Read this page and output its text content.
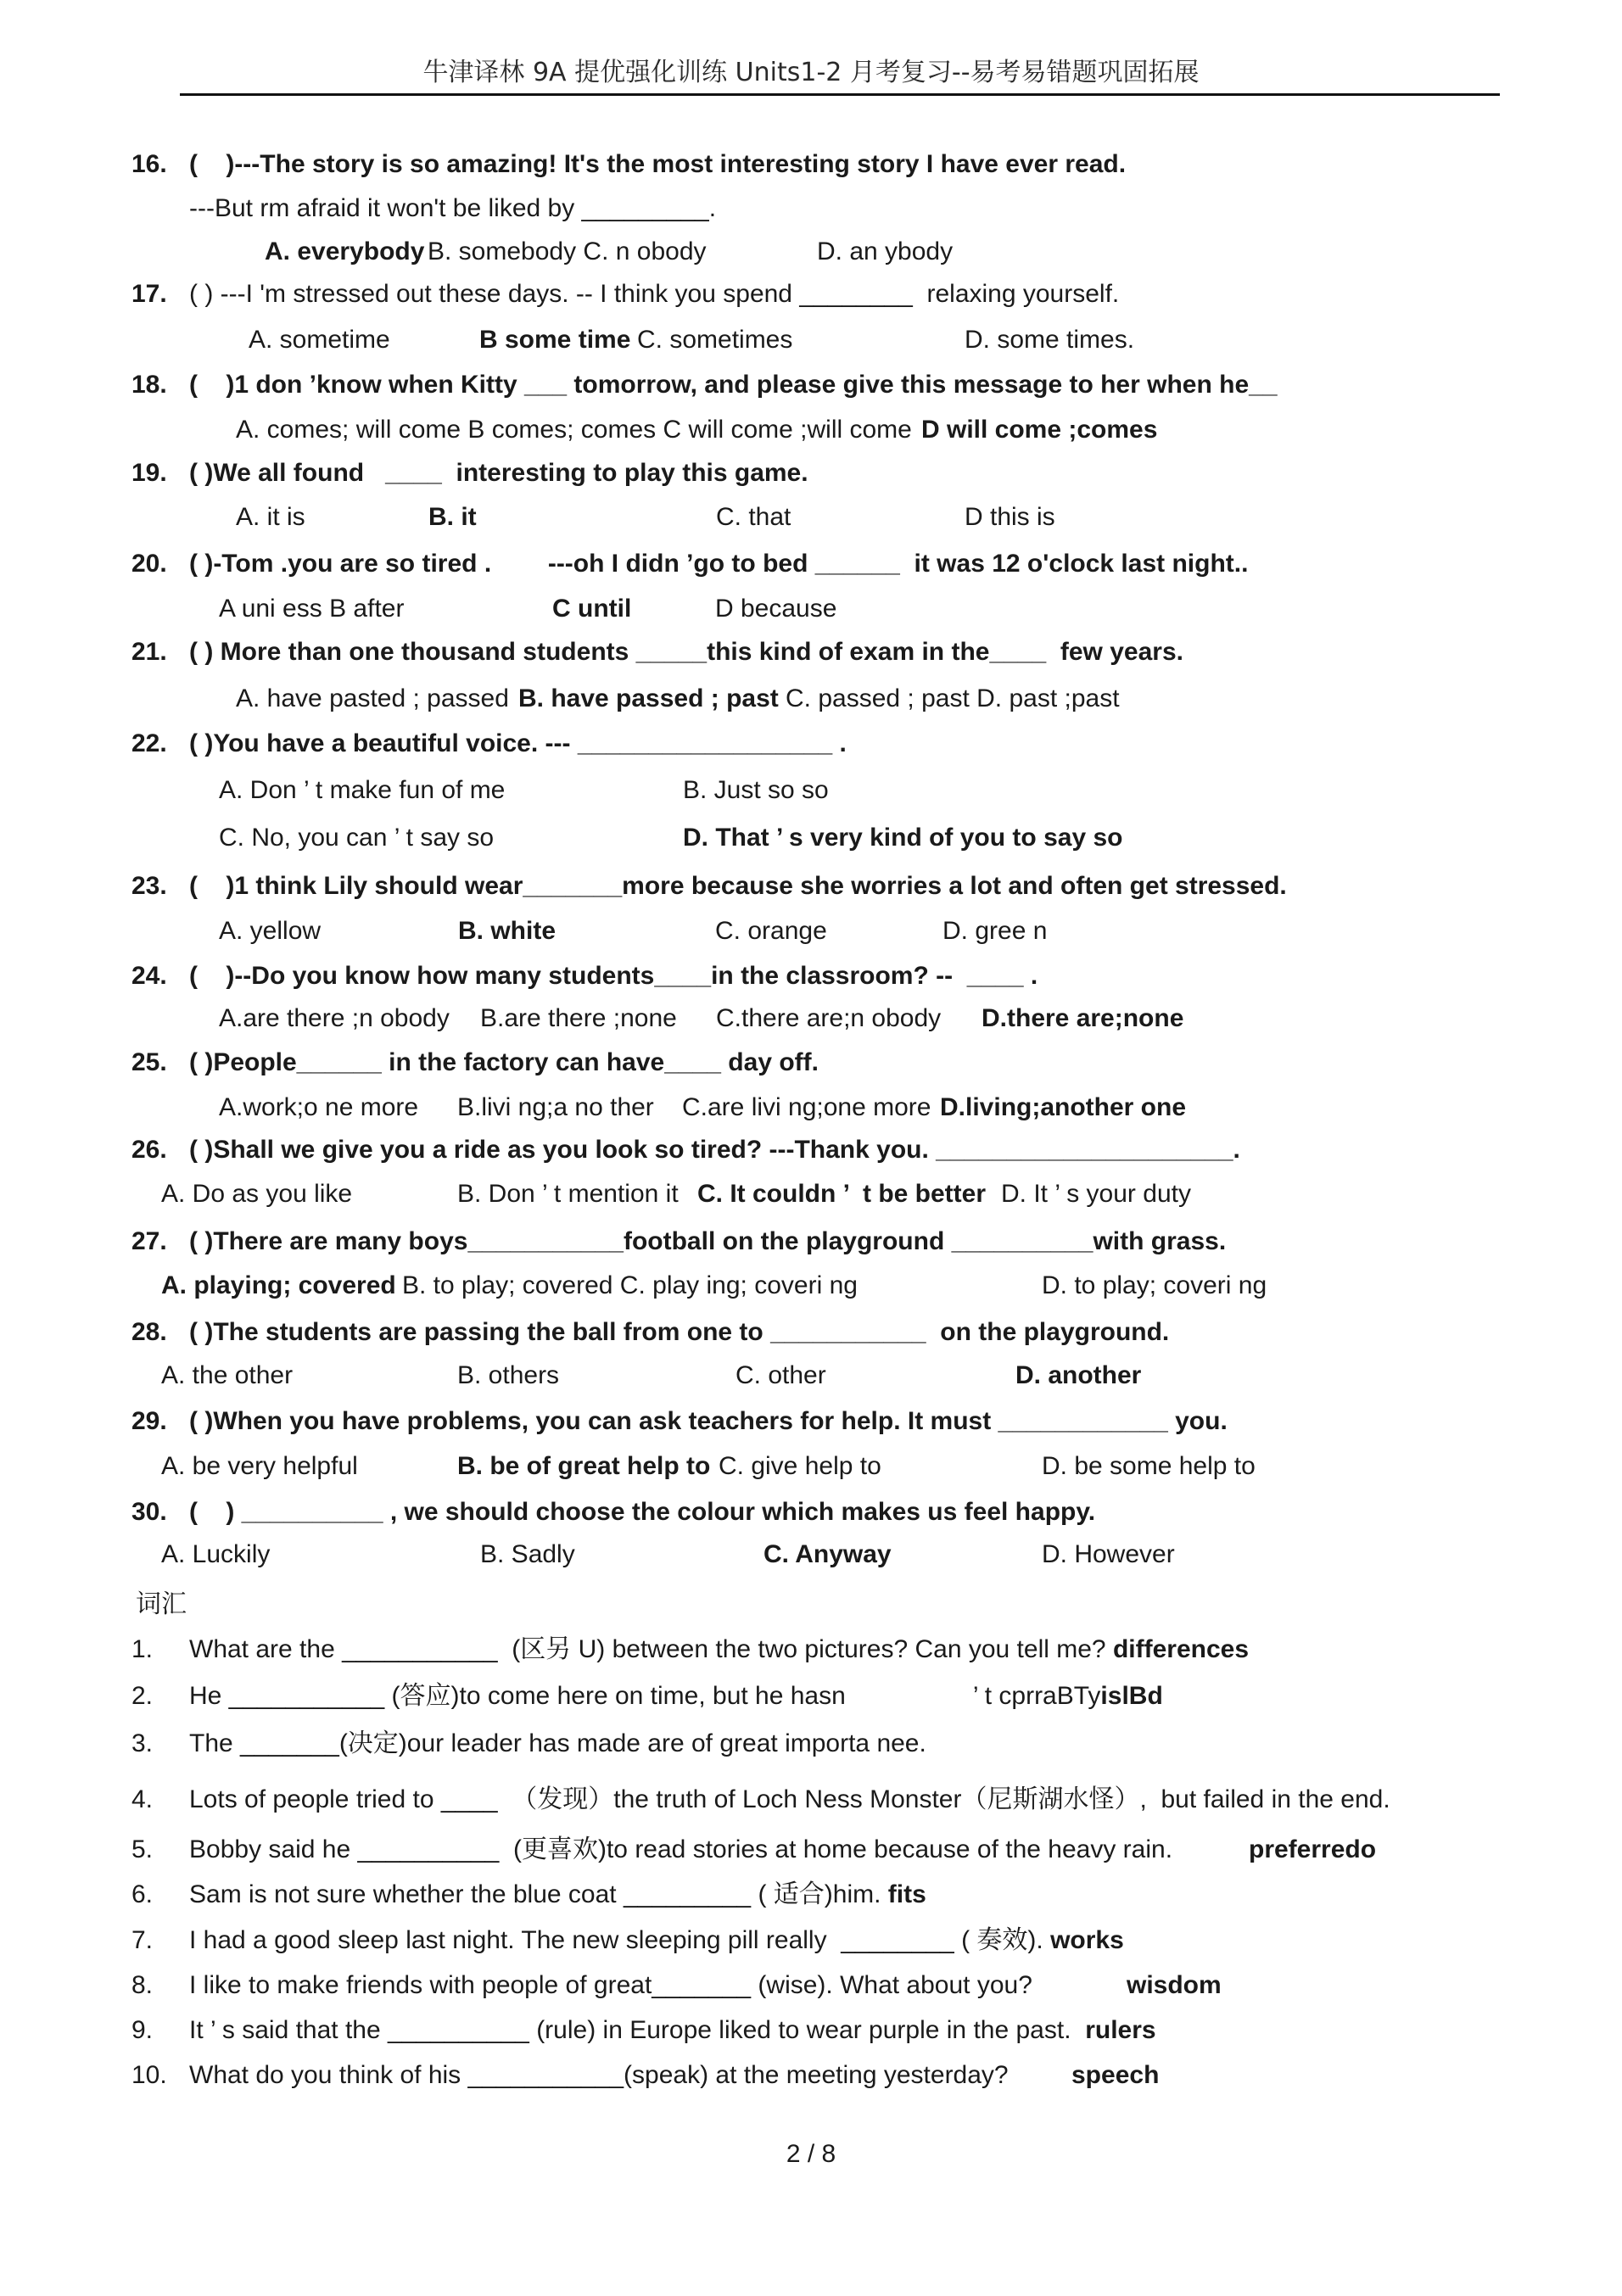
牛津译林 9A 提优强化训练 Units1-2 月考复习--易考易错题巩固拓展
16. (    )---The story is so amazing! It's the most interesting story I have ever read.
---But rm afraid it won't be liked by _________.
A. everybody B. somebody C. n obody	D. an ybody
17. ( ) ---I 'm stressed out these days. -- I think you spend ________  relaxing yourself.
A. sometime	B some time C. sometimes	D. some times.
18. (    )1 don ’know when Kitty ___ tomorrow, and please give this message to her when he__
A. comes; will come B comes; comes C will come ;will come D will come ;comes
19. ( )We all found   ____  interesting to play this game.
A. it is	B. it	C. that	D this is
20. ( )-Tom .you are so tired .        ---oh I didn ’go to bed ______  it was 12 o'clock last night..
A uni ess B after	C until	D because
21. ( ) More than one thousand students _____this kind of exam in the____  few years.
A. have pasted ; passed B. have passed ; past C. passed ; past D. past ;past
22. ( )You have a beautiful voice. --- __________________ .
A. Don ’ t make fun of me	B. Just so so
C. No, you can ’ t say so	D. That ’ s very kind of you to say so
23. (    )1 think Lily should wear_______more because she worries a lot and often get stressed.
A. yellow	B. white	C. orange	D. gree n
24. (    )--Do you know how many students____in the classroom? --  ____ .
A.are there ;n obody B.are there ;none C.there are;n obody D.there are;none
25. ( )People______ in the factory can have____ day off.
A.work;o ne more B.livi ng;a no ther C.are livi ng;one more D.living;another one
26. ( )Shall we give you a ride as you look so tired? ---Thank you. _____________________.
A. Do as you like	B. Don ’ t mention it C. It couldn ’  t be better D. It ’ s your duty
27. ( )There are many boys___________football on the playground __________with grass.
A. playing; covered B. to play; covered C. play ing; coveri ng	D. to play; coveri ng
28. ( )The students are passing the ball from one to ___________  on the playground.
A. the other	B. others	C. other	D. another
29. ( )When you have problems, you can ask teachers for help. It must ____________ you.
A. be very helpful	B. be of great help to C. give help to	D. be some help to
30. (    ) __________ , we should choose the colour which makes us feel happy.
A. Luckily	B. Sadly	C. Anyway	D. However
词汇
1. What are the ___________  (区另 U) between the two pictures? Can you tell me? differences
2. He ___________ (答应)to come here on time, but he hasn                  ’ t cprraBTyislBd
3. The _______(决定)our leader has made are of great importa nee.
4. Lots of people tried to ____  （发现）the truth of Loch Ness Monster（尼斯湖水怪）,  but failed in the end.
5. Bobby said he __________  (更喜欢)to read stories at home because of the heavy rain.	preferredo
6. Sam is not sure whether the blue coat _________ ( 适合)him. fits
7. I had a good sleep last night. The new sleeping pill really  ________ ( 奏效). works
8. I like to make friends with people of great_______ (wise). What about you?	wisdom
9. It ’ s said that the __________ (rule) in Europe liked to wear purple in the past. rulers
10. What do you think of his ___________(speak) at the meeting yesterday? speech
2 / 8
